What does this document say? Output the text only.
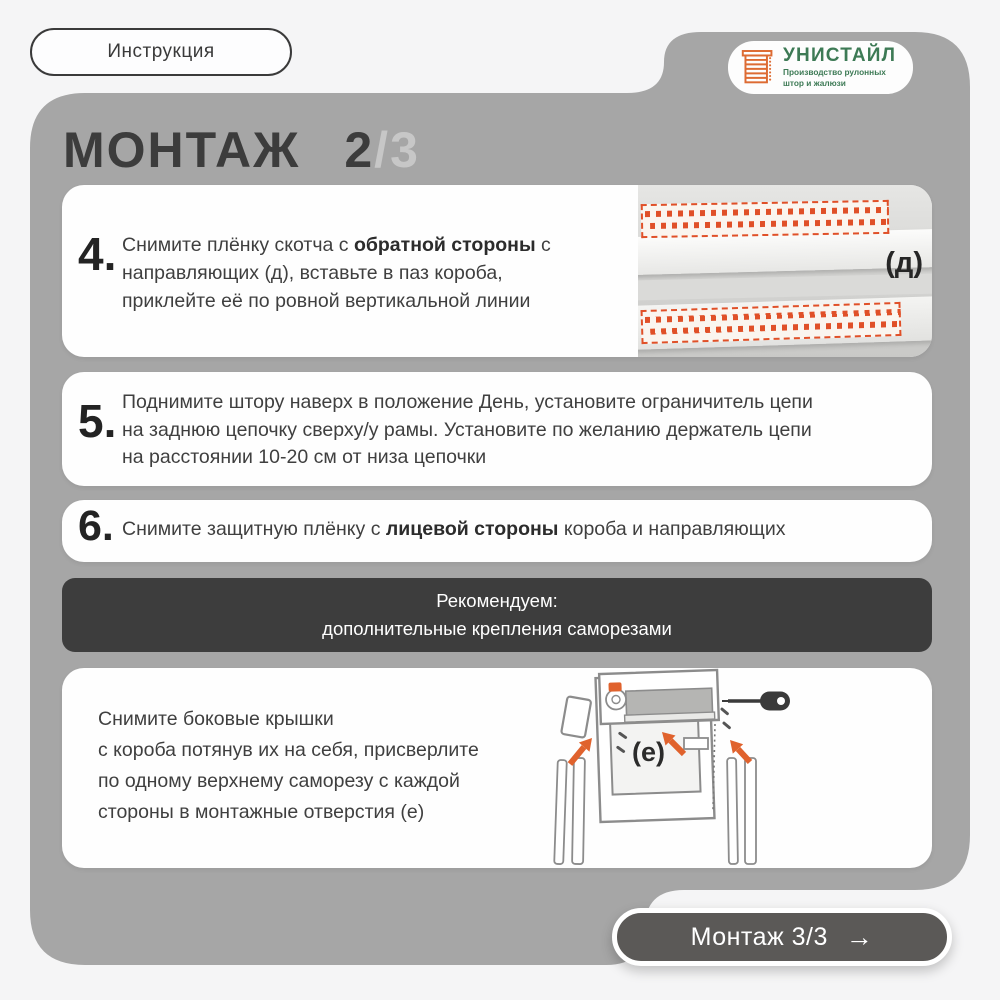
Инструкция	УНИСТАЙЛ
Производство рулонных
штор и жалюзи
МОНТАЖ 2/3
4. Снимите плёнку скотча с обратной стороны с
направляющих (д), вставьте в паз короба,
приклейте её по ровной вертикальной линии
(д)
5. Поднимите штору наверх в положение День, установите ограничитель цепи
на заднюю цепочку сверху/у рамы. Установите по желанию держатель цепи
на расстоянии 10-20 см от низа цепочки
6. Снимите защитную плёнку с лицевой стороны короба и направляющих
Рекомендуем:
дополнительные крепления саморезами
Снимите боковые крышки
с короба потянув их на себя, присверлите
по одному верхнему саморезу с каждой
стороны в монтажные отверстия (е)
(е)
Монтаж 3/3 →
